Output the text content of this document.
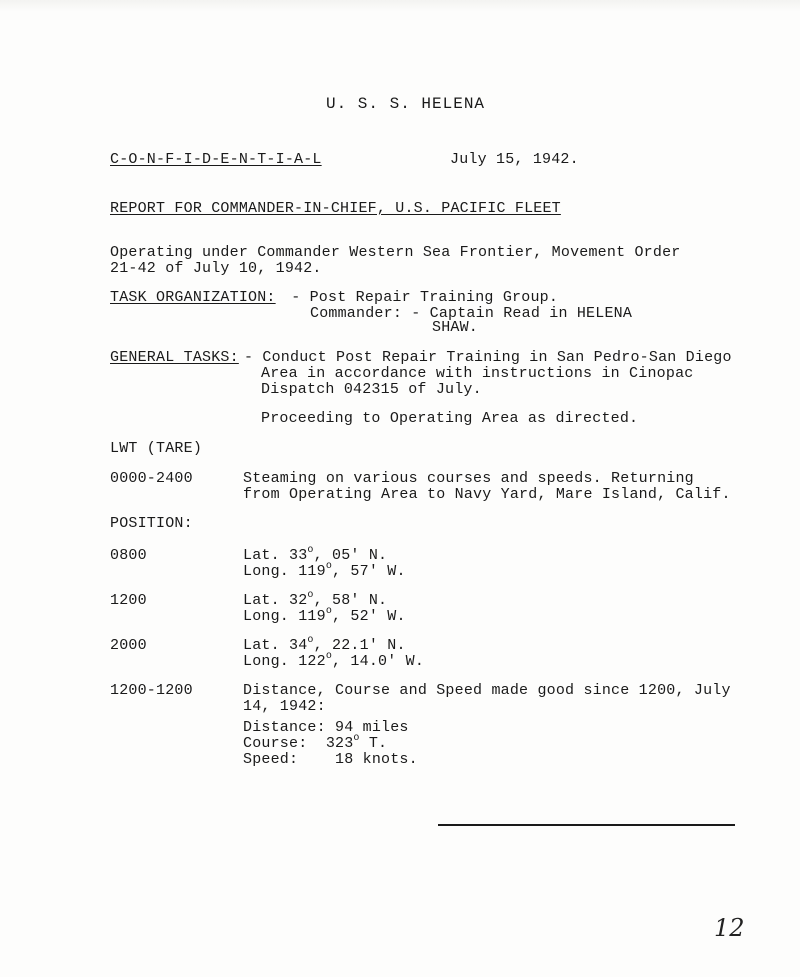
U. S. S. HELENA
C-O-N-F-I-D-E-N-T-I-A-L	July 15, 1942.
REPORT FOR COMMANDER-IN-CHIEF, U.S. PACIFIC FLEET
Operating under Commander Western Sea Frontier, Movement Order
21-42 of July 10, 1942.
TASK ORGANIZATION: - Post Repair Training Group.
Commander: - Captain Read in HELENA
SHAW.
GENERAL TASKS: - Conduct Post Repair Training in San Pedro-San Diego
Area in accordance with instructions in Cinopac
Dispatch 042315 of July.
Proceeding to Operating Area as directed.
LWT (TARE)
0000-2400	Steaming on various courses and speeds. Returning
from Operating Area to Navy Yard, Mare Island, Calif.
POSITION:
0800	Lat. 33$^o$, 05' N.
Long. 119$^o$, 57' W.
1200	Lat. 32$^o$, 58' N.
Long. 119$^o$, 52' W.
2000	Lat. 34$^o$, 22.1' N.
Long. 122$^o$, 14.0' W.
1200-1200	Distance, Course and Speed made good since 1200, July
14, 1942:
Distance: 94 miles
Course:  323$^o$ T.
Speed:    18 knots.
12
